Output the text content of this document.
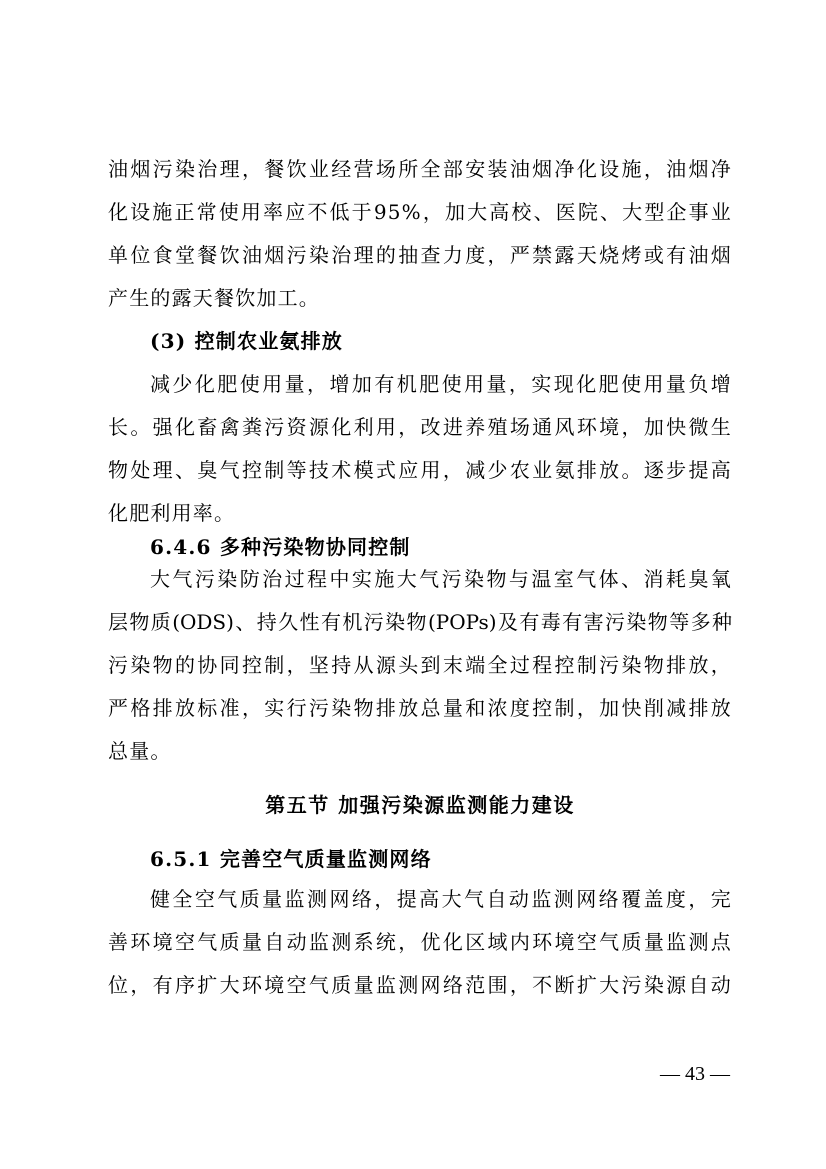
油烟污染治理，餐饮业经营场所全部安装油烟净化设施，油烟净
化设施正常使用率应不低于95%，加大高校、医院、大型企事业
单位食堂餐饮油烟污染治理的抽查力度，严禁露天烧烤或有油烟
产生的露天餐饮加工。
(3) 控制农业氨排放
减少化肥使用量，增加有机肥使用量，实现化肥使用量负增
长。强化畜禽粪污资源化利用，改进养殖场通风环境，加快微生
物处理、臭气控制等技术模式应用，减少农业氨排放。逐步提高
化肥利用率。
6.4.6 多种污染物协同控制
大气污染防治过程中实施大气污染物与温室气体、消耗臭氧
层物质(ODS)、持久性有机污染物(POPs)及有毒有害污染物等多种
污染物的协同控制，坚持从源头到末端全过程控制污染物排放，
严格排放标准，实行污染物排放总量和浓度控制，加快削减排放
总量。
第五节 加强污染源监测能力建设
6.5.1 完善空气质量监测网络
健全空气质量监测网络，提高大气自动监测网络覆盖度，完
善环境空气质量自动监测系统，优化区域内环境空气质量监测点
位，有序扩大环境空气质量监测网络范围，不断扩大污染源自动
— 43 —
